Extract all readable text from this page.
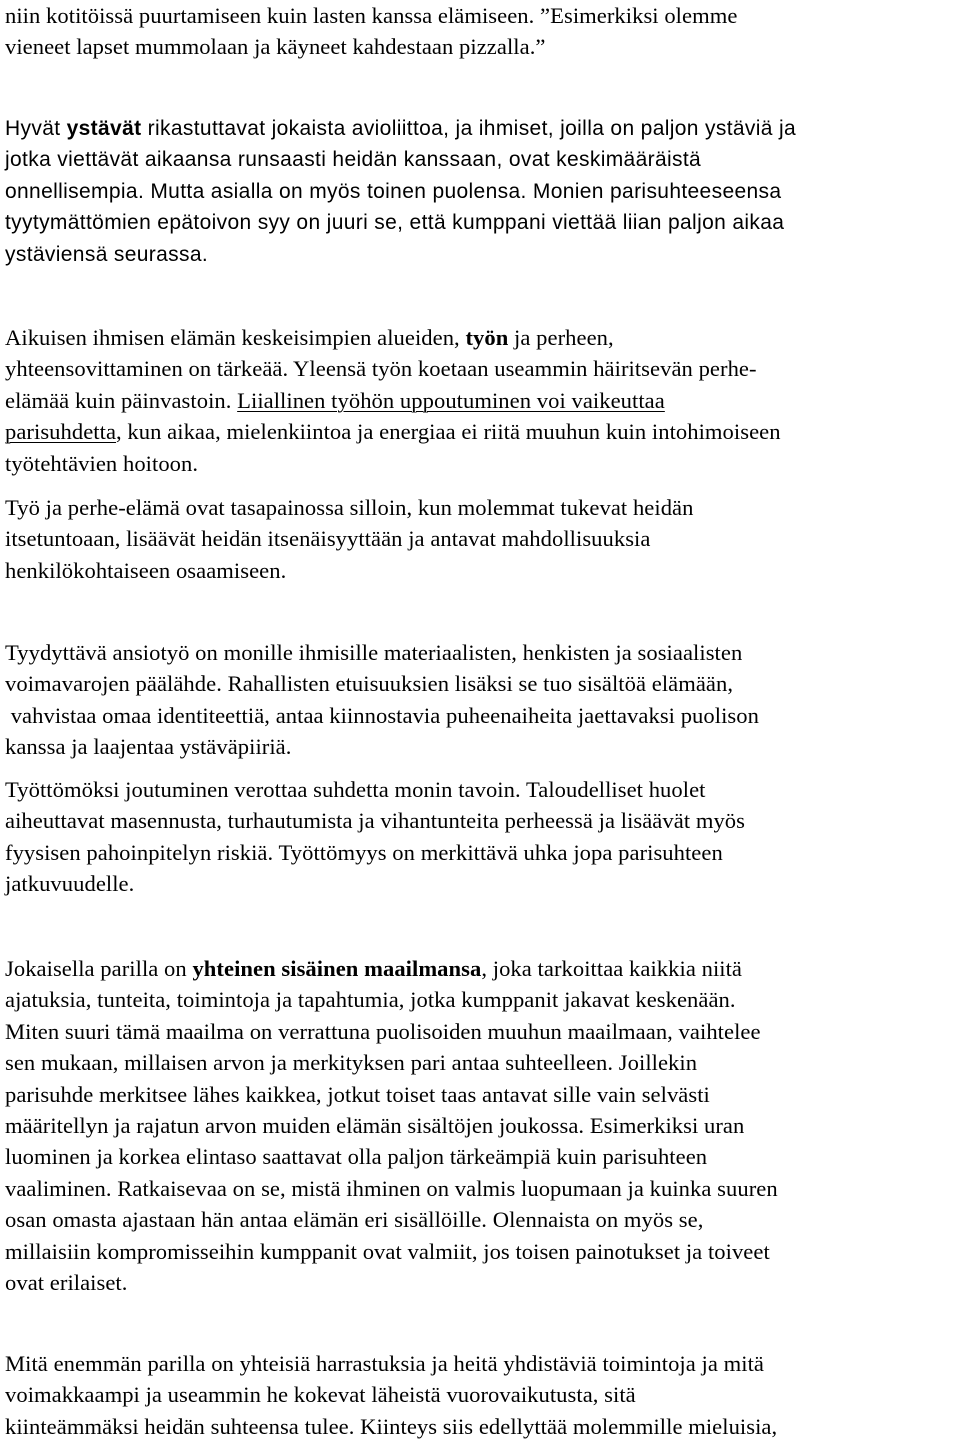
niin kotitöissä puurtamiseen kuin lasten kanssa elämiseen. ”Esimerkiksi olemme
vieneet lapset mummolaan ja käyneet kahdestaan pizzalla.”
Hyvät ystävät rikastuttavat jokaista avioliittoa, ja ihmiset, joilla on paljon ystäviä ja
jotka viettävät aikaansa runsaasti heidän kanssaan, ovat keskimääräistä
onnellisempia. Mutta asialla on myös toinen puolensa. Monien parisuhteeseensa
tyytymättömien epätoivon syy on juuri se, että kumppani viettää liian paljon aikaa
ystäviensä seurassa.
Aikuisen ihmisen elämän keskeisimpien alueiden, työn ja perheen,
yhteensovittaminen on tärkeää. Yleensä työn koetaan useammin häiritsevän perhe-
elämää kuin päinvastoin. Liiallinen työhön uppoutuminen voi vaikeuttaa
parisuhdetta, kun aikaa, mielenkiintoa ja energiaa ei riitä muuhun kuin intohimoiseen
työtehtävien hoitoon.
Työ ja perhe-elämä ovat tasapainossa silloin, kun molemmat tukevat heidän
itsetuntoaan, lisäävät heidän itsenäisyyttään ja antavat mahdollisuuksia
henkilökohtaiseen osaamiseen.
Tyydyttävä ansiotyö on monille ihmisille materiaalisten, henkisten ja sosiaalisten
voimavarojen päälähde. Rahallisten etuisuuksien lisäksi se tuo sisältöä elämään,
vahvistaa omaa identiteettiä, antaa kiinnostavia puheenaiheita jaettavaksi puolison
kanssa ja laajentaa ystäväpiiriä.
Työttömöksi joutuminen verottaa suhdetta monin tavoin. Taloudelliset huolet
aiheuttavat masennusta, turhautumista ja vihantunteita perheessä ja lisäävät myös
fyysisen pahoinpitelyn riskiä. Työttömyys on merkittävä uhka jopa parisuhteen
jatkuvuudelle.
Jokaisella parilla on yhteinen sisäinen maailmansa, joka tarkoittaa kaikkia niitä
ajatuksia, tunteita, toimintoja ja tapahtumia, jotka kumppanit jakavat keskenään.
Miten suuri tämä maailma on verrattuna puolisoiden muuhun maailmaan, vaihtelee
sen mukaan, millaisen arvon ja merkityksen pari antaa suhteelleen. Joillekin
parisuhde merkitsee lähes kaikkea, jotkut toiset taas antavat sille vain selvästi
määritellyn ja rajatun arvon muiden elämän sisältöjen joukossa. Esimerkiksi uran
luominen ja korkea elintaso saattavat olla paljon tärkeämpiä kuin parisuhteen
vaaliminen. Ratkaisevaa on se, mistä ihminen on valmis luopumaan ja kuinka suuren
osan omasta ajastaan hän antaa elämän eri sisällöille. Olennaista on myös se,
millaisiin kompromisseihin kumppanit ovat valmiit, jos toisen painotukset ja toiveet
ovat erilaiset.
Mitä enemmän parilla on yhteisiä harrastuksia ja heitä yhdistäviä toimintoja ja mitä
voimakkaampi ja useammin he kokevat läheistä vuorovaikutusta, sitä
kiinteämmäksi heidän suhteensa tulee. Kiinteys siis edellyttää molemmille mieluisia,
